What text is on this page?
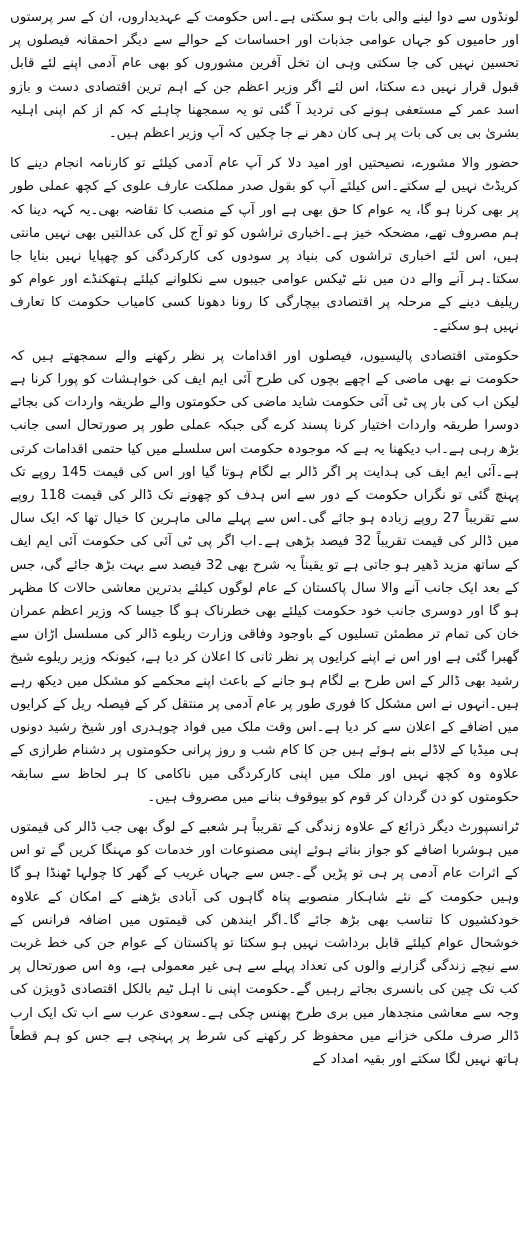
لونڈوں سے دوا لینے والی بات ہو سکتی ہے۔اس حکومت کے عہدیداروں، ان کے سر پرستوں اور حامیوں کو جہاں عوامی جذبات اور احساسات کے حوالے سے دیگر احمقانہ فیصلوں پر تحسین نہیں کی جا سکتی وہی ان تخل آفرین مشوروں کو بھی عام آدمی اپنے لئے قابل قبول قرار نہیں دے سکتا، اس لئے اگر وزیر اعظم جن کے اہم ترین اقتصادی دست و بازو اسد عمر کے مستعفی ہونے کی تردید آ گئی تو یہ سمجھنا چاہئے کہ کم از کم اپنی اہلیہ بشریٰ بی بی کی بات پر ہی کان دھر نے جا چکیں کہ آپ وزیر اعظم ہیں۔

حضور والا مشورے، نصیحتیں اور امید دلا کر آپ عام آدمی کیلئے تو کارنامہ انجام دینے کا کریڈٹ نہیں لے سکتے۔اس کیلئے آپ کو بقول صدر مملکت عارف علوی کے کچھ عملی طور پر بھی کرنا ہو گا، یہ عوام کا حق بھی ہے اور آپ کے منصب کا تقاضہ بھی۔یہ کہہ دینا کہ ہم مصروف تھے، مضحکہ خیز ہے۔اخباری تراشوں کو تو آج کل کی عدالتیں بھی نہیں مانتی ہیں، اس لئے اخباری تراشوں کی بنیاد پر سودوں کی کارکردگی کو چھپایا نہیں بنایا جا سکتا۔ہر آنے والے دن میں نئے ٹیکس عوامی جیبوں سے نکلوانے کیلئے ہتھکنڈے اور عوام کو ریلیف دینے کے مرحلہ پر اقتصادی بیچارگی کا رونا دھونا کسی کامیاب حکومت کا تعارف نہیں ہو سکتے۔

حکومتی اقتصادی پالیسیوں، فیصلوں اور اقدامات پر نظر رکھنے والے سمجھتے ہیں کہ حکومت نے بھی ماضی کے اچھے بچوں کی طرح آئی ایم ایف کی خواہشات کو پورا کرنا ہے لیکن اب کی بار پی ٹی آئی حکومت شاید ماضی کی حکومتوں والے طریقہ واردات کی بجائے دوسرا طریقہ واردات اختیار کرنا پسند کرے گی جبکہ عملی طور پر صورتحال اسی جانب بڑھ رہی ہے۔اب دیکھنا یہ ہے کہ موجودہ حکومت اس سلسلے میں کیا حتمی اقدامات کرتی ہے۔آئی ایم ایف کی ہدایت پر اگر ڈالر بے لگام ہوتا گیا اور اس کی قیمت 145 روپے تک پہنچ گئی تو نگراں حکومت کے دور سے اس ہدف کو چھونے تک ڈالر کی قیمت 118 روپے سے تقریباً 27 روپے زیادہ ہو جائے گی۔اس سے پہلے مالی ماہرین کا خیال تھا کہ ایک سال میں ڈالر کی قیمت تقریباً 32 فیصد بڑھی ہے۔اب اگر پی ٹی آئی کی حکومت آئی ایم ایف کے ساتھ مزید ڈھیر ہو جاتی ہے تو یقیناً یہ شرح بھی 32 فیصد سے بہت بڑھ جائے گی، جس کے بعد ایک جانب آنے والا سال پاکستان کے عام لوگوں کیلئے بدترین معاشی حالات کا مظہر ہو گا اور دوسری جانب خود حکومت کیلئے بھی خطرناک ہو گا جیسا کہ وزیر اعظم عمران خان کی تمام تر مطمئن تسلیوں کے باوجود وفاقی وزارت ریلوے ڈالر کی مسلسل اڑان سے گھبرا گئی ہے اور اس نے اپنے کرایوں پر نظر ثانی کا اعلان کر دیا ہے، کیونکہ وزیر ریلوے شیخ رشید بھی ڈالر کے اس طرح بے لگام ہو جانے کے باعث اپنے محکمے کو مشکل میں دیکھ رہے ہیں۔انہوں نے اس مشکل کا فوری طور پر عام آدمی پر منتقل کر کے فیصلہ ریل کے کرایوں میں اضافے کے اعلان سے کر دیا ہے۔اس وقت ملک میں فواد چوہدری اور شیخ رشید دونوں ہی میڈیا کے لاڈلے بنے ہوئے ہیں جن کا کام شب و روز پرانی حکومتوں پر دشنام طرازی کے علاوہ وہ کچھ نہیں اور ملک میں اپنی کارکردگی میں ناکامی کا ہر لحاظ سے سابقہ حکومتوں کو دن گردان کر قوم کو بیوقوف بنانے میں مصروف ہیں۔

ٹرانسپورٹ دیگر ذرائع کے علاوہ زندگی کے تقریباً ہر شعبے کے لوگ بھی جب ڈالر کی قیمتوں میں ہوشربا اضافے کو جواز بناتے ہوئے اپنی مصنوعات اور خدمات کو مہنگا کریں گے تو اس کے اثرات عام آدمی پر ہی تو پڑیں گے۔جس سے جہاں غریب کے گھر کا چولہا ٹھنڈا ہو گا وہیں حکومت کے نئے شاہکار منصوبے پناہ گاہوں کی آبادی بڑھنے کے امکان کے علاوہ خودکشیوں کا تناسب بھی بڑھ جائے گا۔اگر ایندھن کی قیمتوں میں اضافہ فرانس کے خوشحال عوام کیلئے قابل برداشت نہیں ہو سکتا تو پاکستان کے عوام جن کی خط غربت سے نیچے زندگی گزارنے والوں کی تعداد پہلے سے ہی غیر معمولی ہے، وہ اس صورتحال پر کب تک چین کی بانسری بجاتے رہیں گے۔حکومت اپنی نا اہل ٹیم بالکل اقتصادی ڈویژن کی وجہ سے معاشی منجدھار میں بری طرح پھنس چکی ہے۔سعودی عرب سے اب تک ایک ارب ڈالر صرف ملکی خزانے میں محفوظ کر رکھنے کی شرط پر پہنچی ہے جس کو ہم قطعاً ہاتھ نہیں لگا سکتے اور بقیہ امداد کے
